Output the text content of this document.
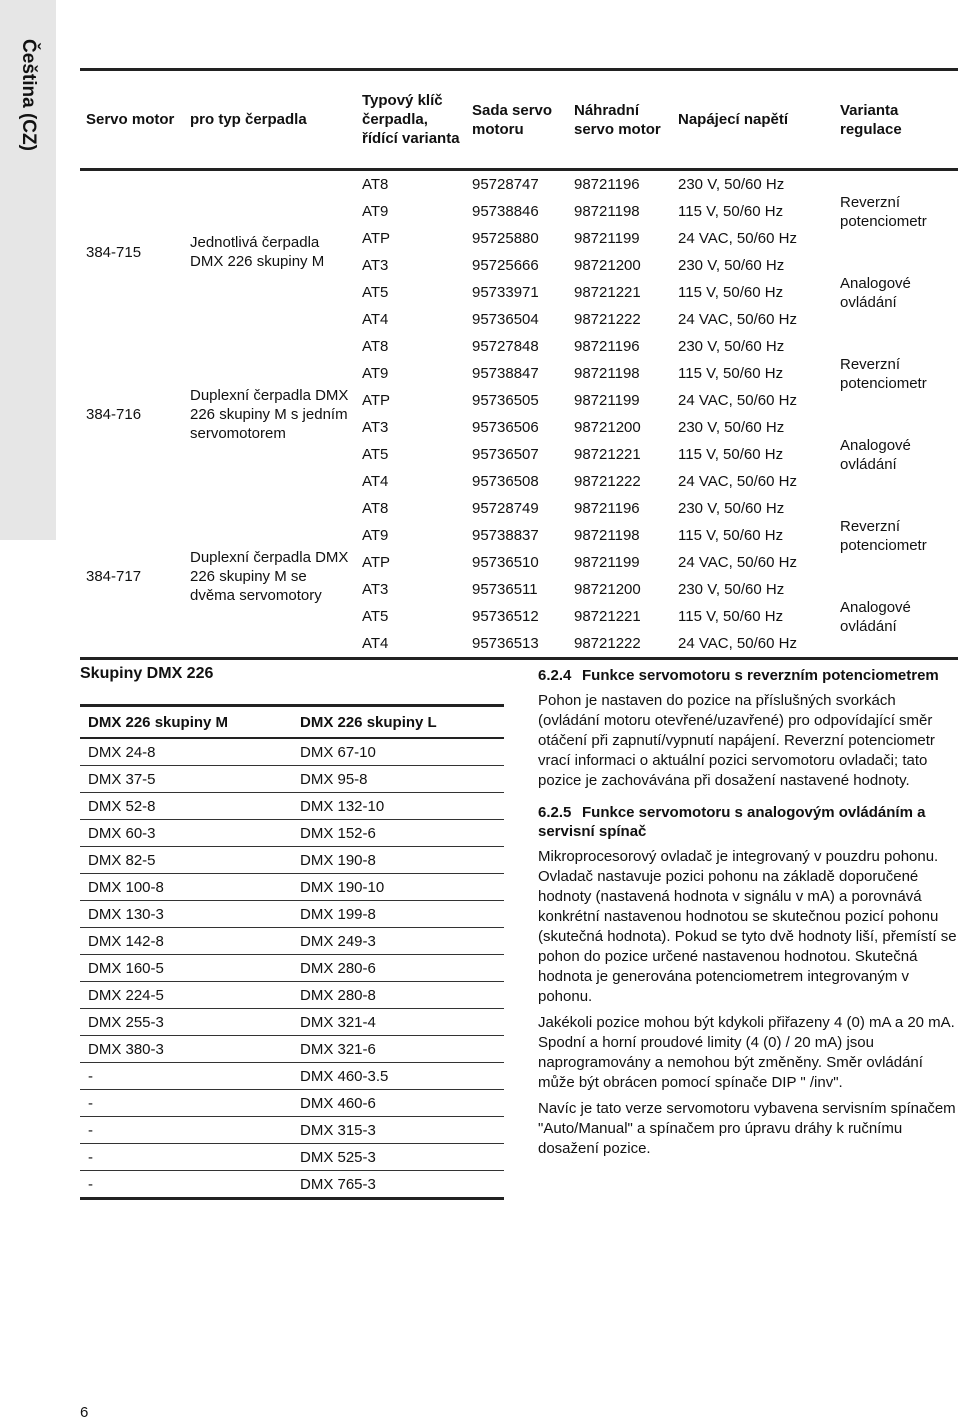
Čeština (CZ)	Servo motor	pro typ čerpadla	Typový klíč čerpadla, řídící varianta	Sada servo motoru	Náhradní servo motor	Napájecí napětí	Varianta regulace
384-715	Jednotlivá čerpadla DMX 226 skupiny M	AT8	95728747	98721196	230 V, 50/60 Hz	Reverzní potenciometr
		AT9	95738846	98721198	115 V, 50/60 Hz	
		ATP	95725880	98721199	24 VAC, 50/60 Hz	
		AT3	95725666	98721200	230 V, 50/60 Hz	Analogové ovládání
		AT5	95733971	98721221	115 V, 50/60 Hz	
		AT4	95736504	98721222	24 VAC, 50/60 Hz	
384-716	Duplexní čerpadla DMX 226 skupiny M s jedním servomotorem	AT8	95727848	98721196	230 V, 50/60 Hz	Reverzní potenciometr
		AT9	95738847	98721198	115 V, 50/60 Hz	
		ATP	95736505	98721199	24 VAC, 50/60 Hz	
		AT3	95736506	98721200	230 V, 50/60 Hz	Analogové ovládání
		AT5	95736507	98721221	115 V, 50/60 Hz	
		AT4	95736508	98721222	24 VAC, 50/60 Hz	
384-717	Duplexní čerpadla DMX 226 skupiny M se dvěma servomotory	AT8	95728749	98721196	230 V, 50/60 Hz	Reverzní potenciometr
		AT9	95738837	98721198	115 V, 50/60 Hz	
		ATP	95736510	98721199	24 VAC, 50/60 Hz	
		AT3	95736511	98721200	230 V, 50/60 Hz	Analogové ovládání
		AT5	95736512	98721221	115 V, 50/60 Hz	
		AT4	95736513	98721222	24 VAC, 50/60 Hz	
Skupiny DMX 226
DMX 226 skupiny M	DMX 226 skupiny L
DMX 24-8	DMX 67-10
DMX 37-5	DMX 95-8
DMX 52-8	DMX 132-10
DMX 60-3	DMX 152-6
DMX 82-5	DMX 190-8
DMX 100-8	DMX 190-10
DMX 130-3	DMX 199-8
DMX 142-8	DMX 249-3
DMX 160-5	DMX 280-6
DMX 224-5	DMX 280-8
DMX 255-3	DMX 321-4
DMX 380-3	DMX 321-6
-	DMX 460-3.5
-	DMX 460-6
-	DMX 315-3
-	DMX 525-3
-	DMX 765-3
6.2.4 Funkce servomotoru s reverzním potenciometrem

Pohon je nastaven do pozice na příslušných svorkách (ovládání motoru otevřené/uzavřené) pro odpovídající směr otáčení při zapnutí/vypnutí napájení. Reverzní potenciometr vrací informaci o aktuální pozici servomotoru ovladači; tato pozice je zachovávána při dosažení nastavené hodnoty.

6.2.5 Funkce servomotoru s analogovým ovládáním a servisní spínač

Mikroprocesorový ovladač je integrovaný v pouzdru pohonu. Ovladač nastavuje pozici pohonu na základě doporučené hodnoty (nastavená hodnota v signálu v mA) a porovnává konkrétní nastavenou hodnotou se skutečnou pozicí pohonu (skutečná hodnota). Pokud se tyto dvě hodnoty liší, přemístí se pohon do pozice určené nastavenou hodnotou. Skutečná hodnota je generována potenciometrem integrovaným v pohonu.

Jakékoli pozice mohou být kdykoli přiřazeny 4 (0) mA a 20 mA. Spodní a horní proudové limity (4 (0) / 20 mA) jsou naprogramovány a nemohou být změněny. Směr ovládání může být obrácen pomocí spínače DIP " /inv".

Navíc je tato verze servomotoru vybavena servisním spínačem "Auto/Manual" a spínačem pro úpravu dráhy k ručnímu dosažení pozice.

6
